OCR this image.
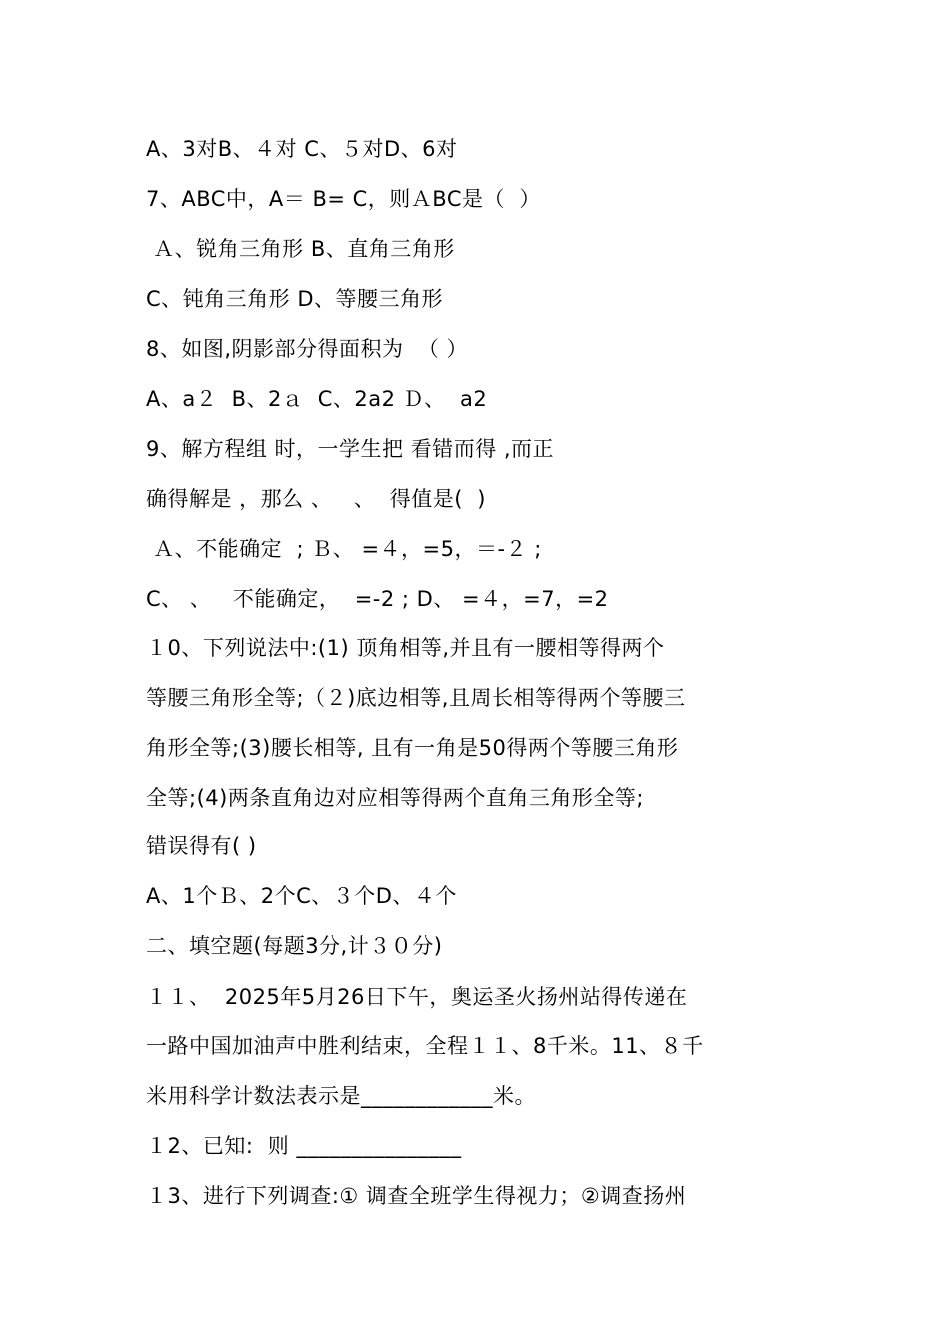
A、3对B、４对 C、５对D、6对
7、ABC中，A＝ B= C，则ＡBC是（  ）
Ａ、锐角三角形 B、直角三角形
C、钝角三角形 D、等腰三角形
8、如图,阴影部分得面积为  （ ）
A、a２  B、2ａ  C、2a2 Ｄ、  a2
9、解方程组 时，一学生把 看错而得 ,而正
确得解是 ，那么 、   、  得值是(  )
Ａ、不能确定  ; Ｂ、 =４，=5，＝-２ ;
C、 、   不能确定，  =-2 ; D、 =４，=7，=2
１0、下列说法中:(1) 顶角相等,并且有一腰相等得两个
等腰三角形全等;（２)底边相等,且周长相等得两个等腰三
角形全等;(3)腰长相等, 且有一角是50得两个等腰三角形
全等;(4)两条直角边对应相等得两个直角三角形全等;
错误得有( )
A、1个Ｂ、2个C、３个D、４个
二、填空题(每题3分,计３０分)
１１、  2025年5月26日下午，奥运圣火扬州站得传递在
一路中国加油声中胜利结束，全程１１、8千米。11、８千
米用科学计数法表示是____________米。
１2、已知:  则 _______________
１3、进行下列调查:① 调查全班学生得视力；②调查扬州
